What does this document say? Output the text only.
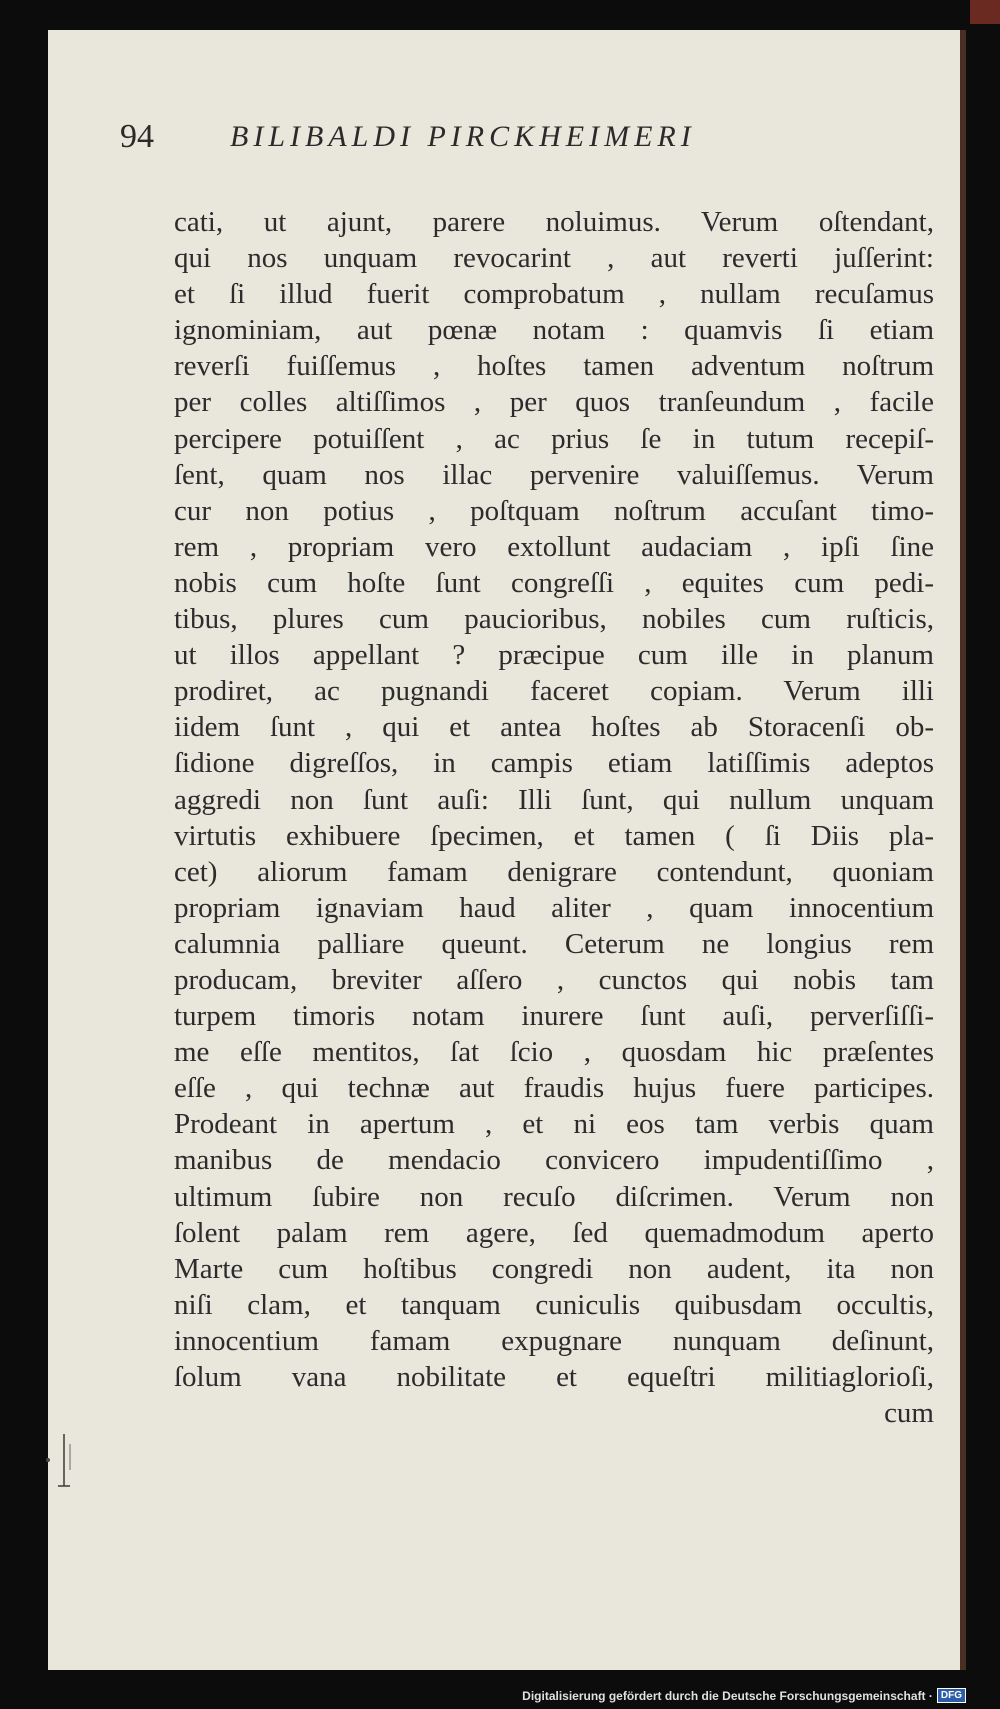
94	BILIBALDI PIRCKHEIMERI
cati, ut ajunt, parere noluimus. Verum oſtendant,
qui nos unquam revocarint , aut reverti juſſerint:
et ſi illud fuerit comprobatum , nullam recuſamus
ignominiam, aut pœnæ notam : quamvis ſi etiam
reverſi fuiſſemus , hoſtes tamen adventum noſtrum
per colles altiſſimos , per quos tranſeundum , facile
percipere potuiſſent , ac prius ſe in tutum recepiſ-
ſent, quam nos illac pervenire valuiſſemus. Verum
cur non potius , poſtquam noſtrum accuſant timo-
rem , propriam vero extollunt audaciam , ipſi ſine
nobis cum hoſte ſunt congreſſi , equites cum pedi-
tibus, plures cum paucioribus, nobiles cum ruſticis,
ut illos appellant ? præcipue cum ille in planum
prodiret, ac pugnandi faceret copiam. Verum illi
iidem ſunt , qui et antea hoſtes ab Storacenſi ob-
ſidione digreſſos, in campis etiam latiſſimis adeptos
aggredi non ſunt auſi: Illi ſunt, qui nullum unquam
virtutis exhibuere ſpecimen, et tamen ( ſi Diis pla-
cet) aliorum famam denigrare contendunt, quoniam
propriam ignaviam haud aliter , quam innocentium
calumnia palliare queunt. Ceterum ne longius rem
producam, breviter aſſero , cunctos qui nobis tam
turpem timoris notam inurere ſunt auſi, perverſiſſi-
me eſſe mentitos, ſat ſcio , quosdam hic præſentes
eſſe , qui technæ aut fraudis hujus fuere participes.
Prodeant in apertum , et ni eos tam verbis quam
manibus de mendacio convicero impudentiſſimo ,
ultimum ſubire non recuſo diſcrimen. Verum non
ſolent palam rem agere, ſed quemadmodum aperto
Marte cum hoſtibus congredi non audent, ita non
niſi clam, et tanquam cuniculis quibusdam occultis,
innocentium famam expugnare nunquam deſinunt,
ſolum vana nobilitate et equeſtri militiaglorioſi,
cum
Digitalisierung gefördert durch die Deutsche Forschungsgemeinschaft · DFG
